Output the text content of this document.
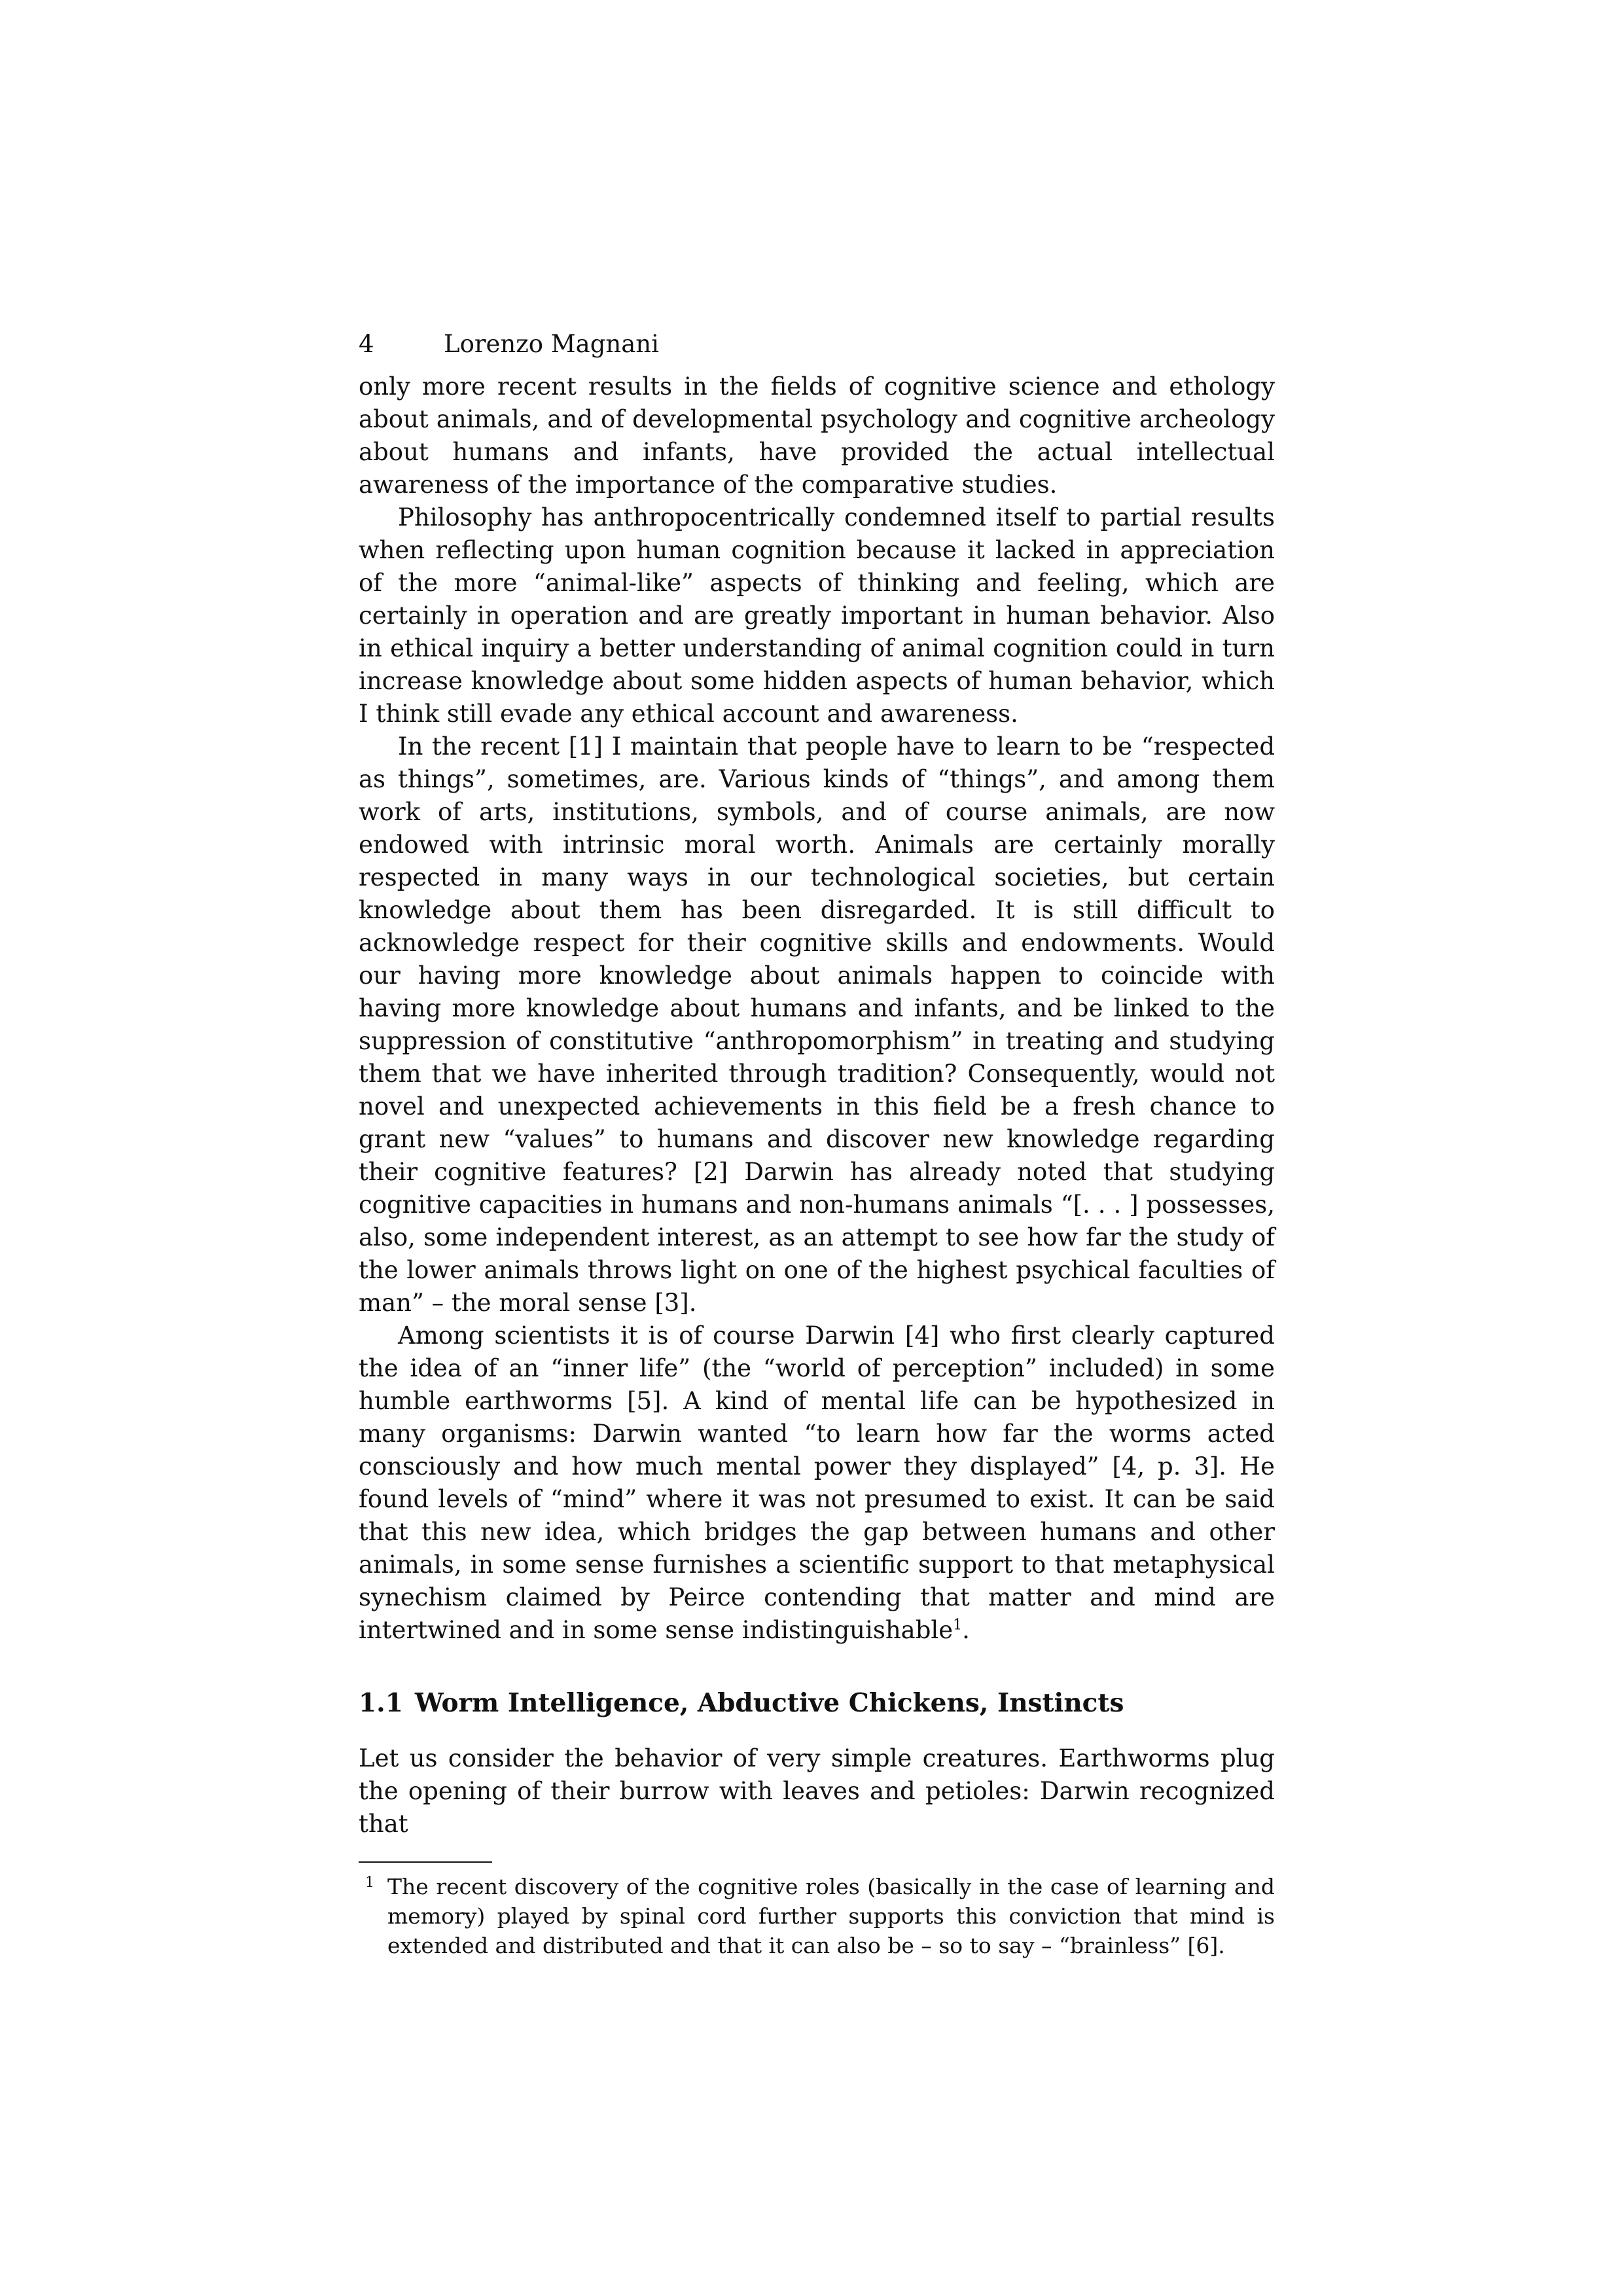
4	Lorenzo Magnani

only more recent results in the fields of cognitive science and ethology about animals, and of developmental psychology and cognitive archeology about humans and infants, have provided the actual intellectual awareness of the importance of the comparative studies.

Philosophy has anthropocentrically condemned itself to partial results when reflecting upon human cognition because it lacked in appreciation of the more “animal-like” aspects of thinking and feeling, which are certainly in operation and are greatly important in human behavior. Also in ethical inquiry a better understanding of animal cognition could in turn increase knowledge about some hidden aspects of human behavior, which I think still evade any ethical account and awareness.

In the recent [1] I maintain that people have to learn to be “respected as things”, sometimes, are. Various kinds of “things”, and among them work of arts, institutions, symbols, and of course animals, are now endowed with intrinsic moral worth. Animals are certainly morally respected in many ways in our technological societies, but certain knowledge about them has been disregarded. It is still difficult to acknowledge respect for their cognitive skills and endowments. Would our having more knowledge about animals happen to coincide with having more knowledge about humans and infants, and be linked to the suppression of constitutive “anthropomorphism” in treating and studying them that we have inherited through tradition? Consequently, would not novel and unexpected achievements in this field be a fresh chance to grant new “values” to humans and discover new knowledge regarding their cognitive features? [2] Darwin has already noted that studying cognitive capacities in humans and non-humans animals “[. . . ] possesses, also, some independent interest, as an attempt to see how far the study of the lower animals throws light on one of the highest psychical faculties of man” – the moral sense [3].

Among scientists it is of course Darwin [4] who first clearly captured the idea of an “inner life” (the “world of perception” included) in some humble earthworms [5]. A kind of mental life can be hypothesized in many organisms: Darwin wanted “to learn how far the worms acted consciously and how much mental power they displayed” [4, p. 3]. He found levels of “mind” where it was not presumed to exist. It can be said that this new idea, which bridges the gap between humans and other animals, in some sense furnishes a scientific support to that metaphysical synechism claimed by Peirce contending that matter and mind are intertwined and in some sense indistinguishable$^1$.

1.1 Worm Intelligence, Abductive Chickens, Instincts

Let us consider the behavior of very simple creatures. Earthworms plug the opening of their burrow with leaves and petioles: Darwin recognized that

1 The recent discovery of the cognitive roles (basically in the case of learning and memory) played by spinal cord further supports this conviction that mind is extended and distributed and that it can also be – so to say – “brainless” [6].
